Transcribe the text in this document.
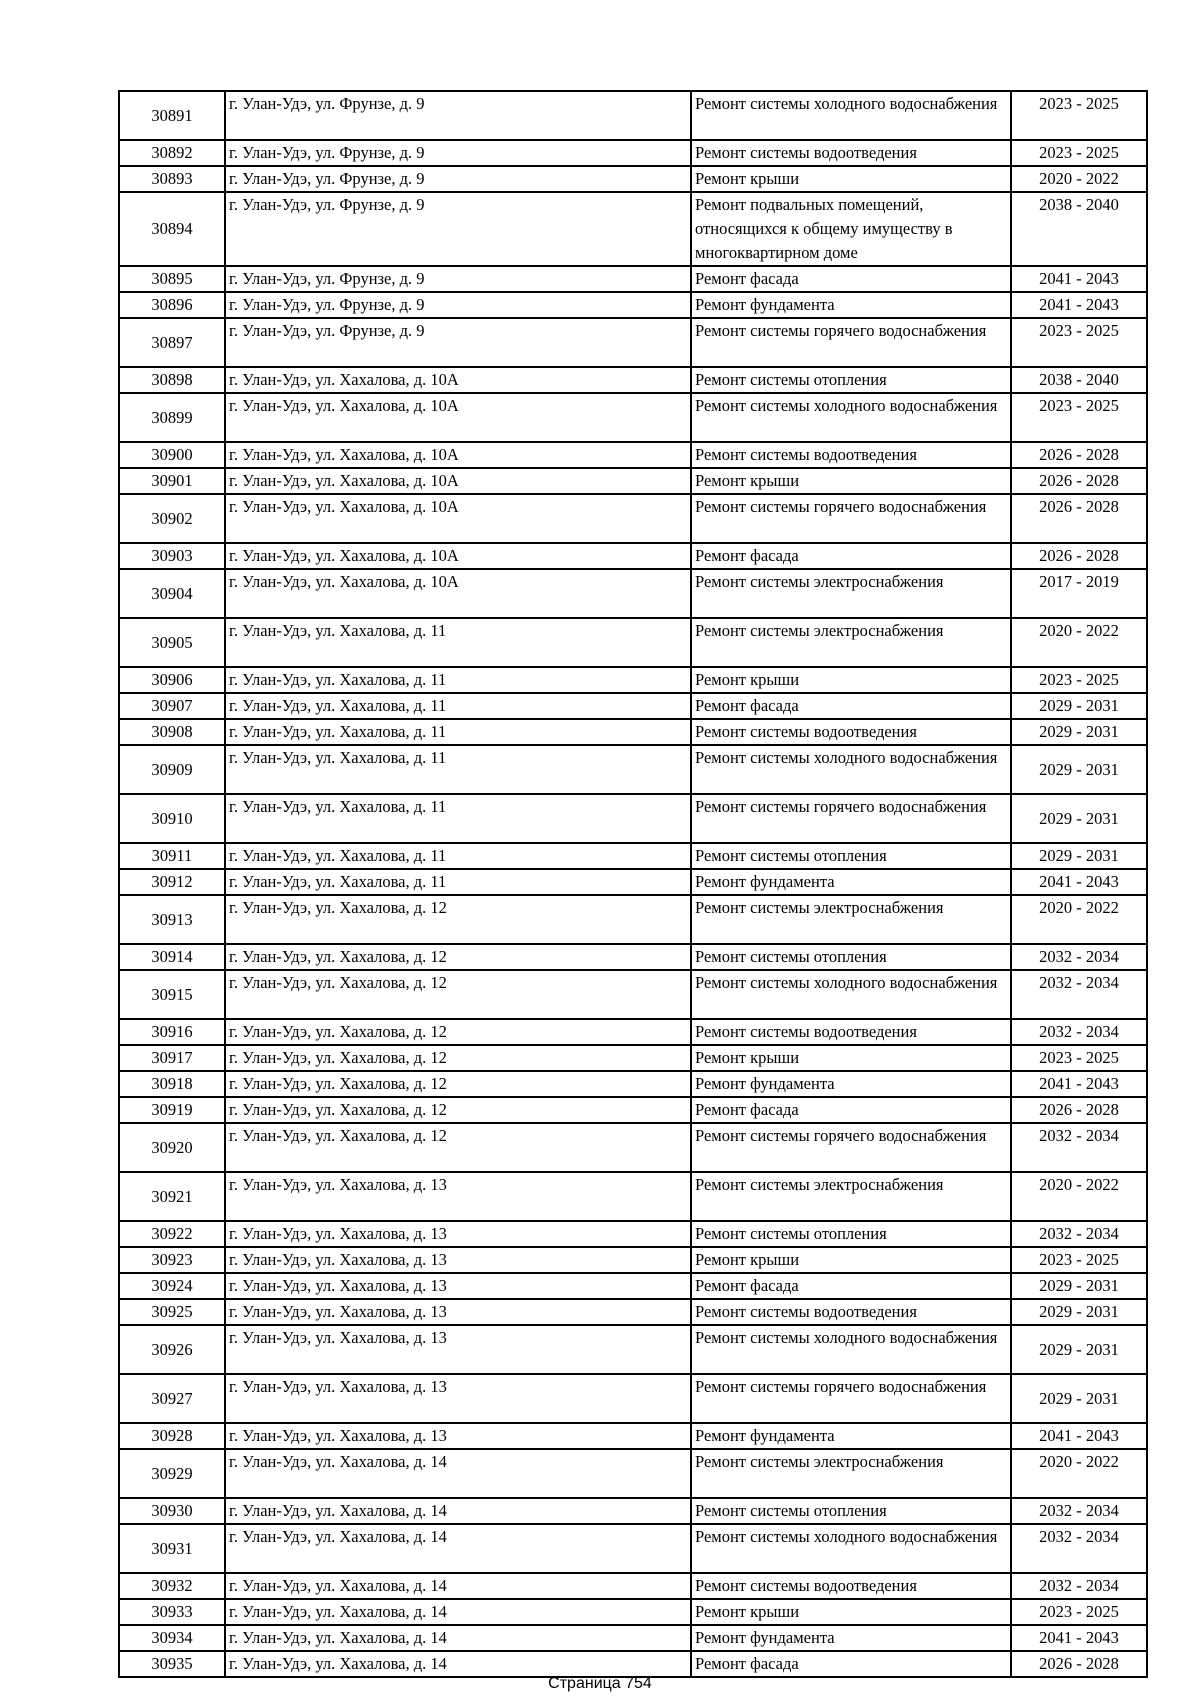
30891	г. Улан-Удэ, ул. Фрунзе, д. 9	Ремонт системы холодного водоснабжения	2023 - 2025
30892	г. Улан-Удэ, ул. Фрунзе, д. 9	Ремонт системы водоотведения	2023 - 2025
30893	г. Улан-Удэ, ул. Фрунзе, д. 9	Ремонт крыши	2020 - 2022
30894	г. Улан-Удэ, ул. Фрунзе, д. 9	Ремонт подвальных помещений, относящихся к общему имуществу в многоквартирном доме	2038 - 2040
30895	г. Улан-Удэ, ул. Фрунзе, д. 9	Ремонт фасада	2041 - 2043
30896	г. Улан-Удэ, ул. Фрунзе, д. 9	Ремонт фундамента	2041 - 2043
30897	г. Улан-Удэ, ул. Фрунзе, д. 9	Ремонт системы горячего водоснабжения	2023 - 2025
30898	г. Улан-Удэ, ул. Хахалова, д. 10А	Ремонт системы отопления	2038 - 2040
30899	г. Улан-Удэ, ул. Хахалова, д. 10А	Ремонт системы холодного водоснабжения	2023 - 2025
30900	г. Улан-Удэ, ул. Хахалова, д. 10А	Ремонт системы водоотведения	2026 - 2028
30901	г. Улан-Удэ, ул. Хахалова, д. 10А	Ремонт крыши	2026 - 2028
30902	г. Улан-Удэ, ул. Хахалова, д. 10А	Ремонт системы горячего водоснабжения	2026 - 2028
30903	г. Улан-Удэ, ул. Хахалова, д. 10А	Ремонт фасада	2026 - 2028
30904	г. Улан-Удэ, ул. Хахалова, д. 10А	Ремонт системы электроснабжения	2017 - 2019
30905	г. Улан-Удэ, ул. Хахалова, д. 11	Ремонт системы электроснабжения	2020 - 2022
30906	г. Улан-Удэ, ул. Хахалова, д. 11	Ремонт крыши	2023 - 2025
30907	г. Улан-Удэ, ул. Хахалова, д. 11	Ремонт фасада	2029 - 2031
30908	г. Улан-Удэ, ул. Хахалова, д. 11	Ремонт системы водоотведения	2029 - 2031
30909	г. Улан-Удэ, ул. Хахалова, д. 11	Ремонт системы холодного водоснабжения	2029 - 2031
30910	г. Улан-Удэ, ул. Хахалова, д. 11	Ремонт системы горячего водоснабжения	2029 - 2031
30911	г. Улан-Удэ, ул. Хахалова, д. 11	Ремонт системы отопления	2029 - 2031
30912	г. Улан-Удэ, ул. Хахалова, д. 11	Ремонт фундамента	2041 - 2043
30913	г. Улан-Удэ, ул. Хахалова, д. 12	Ремонт системы электроснабжения	2020 - 2022
30914	г. Улан-Удэ, ул. Хахалова, д. 12	Ремонт системы отопления	2032 - 2034
30915	г. Улан-Удэ, ул. Хахалова, д. 12	Ремонт системы холодного водоснабжения	2032 - 2034
30916	г. Улан-Удэ, ул. Хахалова, д. 12	Ремонт системы водоотведения	2032 - 2034
30917	г. Улан-Удэ, ул. Хахалова, д. 12	Ремонт крыши	2023 - 2025
30918	г. Улан-Удэ, ул. Хахалова, д. 12	Ремонт фундамента	2041 - 2043
30919	г. Улан-Удэ, ул. Хахалова, д. 12	Ремонт фасада	2026 - 2028
30920	г. Улан-Удэ, ул. Хахалова, д. 12	Ремонт системы горячего водоснабжения	2032 - 2034
30921	г. Улан-Удэ, ул. Хахалова, д. 13	Ремонт системы электроснабжения	2020 - 2022
30922	г. Улан-Удэ, ул. Хахалова, д. 13	Ремонт системы отопления	2032 - 2034
30923	г. Улан-Удэ, ул. Хахалова, д. 13	Ремонт крыши	2023 - 2025
30924	г. Улан-Удэ, ул. Хахалова, д. 13	Ремонт фасада	2029 - 2031
30925	г. Улан-Удэ, ул. Хахалова, д. 13	Ремонт системы водоотведения	2029 - 2031
30926	г. Улан-Удэ, ул. Хахалова, д. 13	Ремонт системы холодного водоснабжения	2029 - 2031
30927	г. Улан-Удэ, ул. Хахалова, д. 13	Ремонт системы горячего водоснабжения	2029 - 2031
30928	г. Улан-Удэ, ул. Хахалова, д. 13	Ремонт фундамента	2041 - 2043
30929	г. Улан-Удэ, ул. Хахалова, д. 14	Ремонт системы электроснабжения	2020 - 2022
30930	г. Улан-Удэ, ул. Хахалова, д. 14	Ремонт системы отопления	2032 - 2034
30931	г. Улан-Удэ, ул. Хахалова, д. 14	Ремонт системы холодного водоснабжения	2032 - 2034
30932	г. Улан-Удэ, ул. Хахалова, д. 14	Ремонт системы водоотведения	2032 - 2034
30933	г. Улан-Удэ, ул. Хахалова, д. 14	Ремонт крыши	2023 - 2025
30934	г. Улан-Удэ, ул. Хахалова, д. 14	Ремонт фундамента	2041 - 2043
30935	г. Улан-Удэ, ул. Хахалова, д. 14	Ремонт фасада	2026 - 2028
Страница 754
